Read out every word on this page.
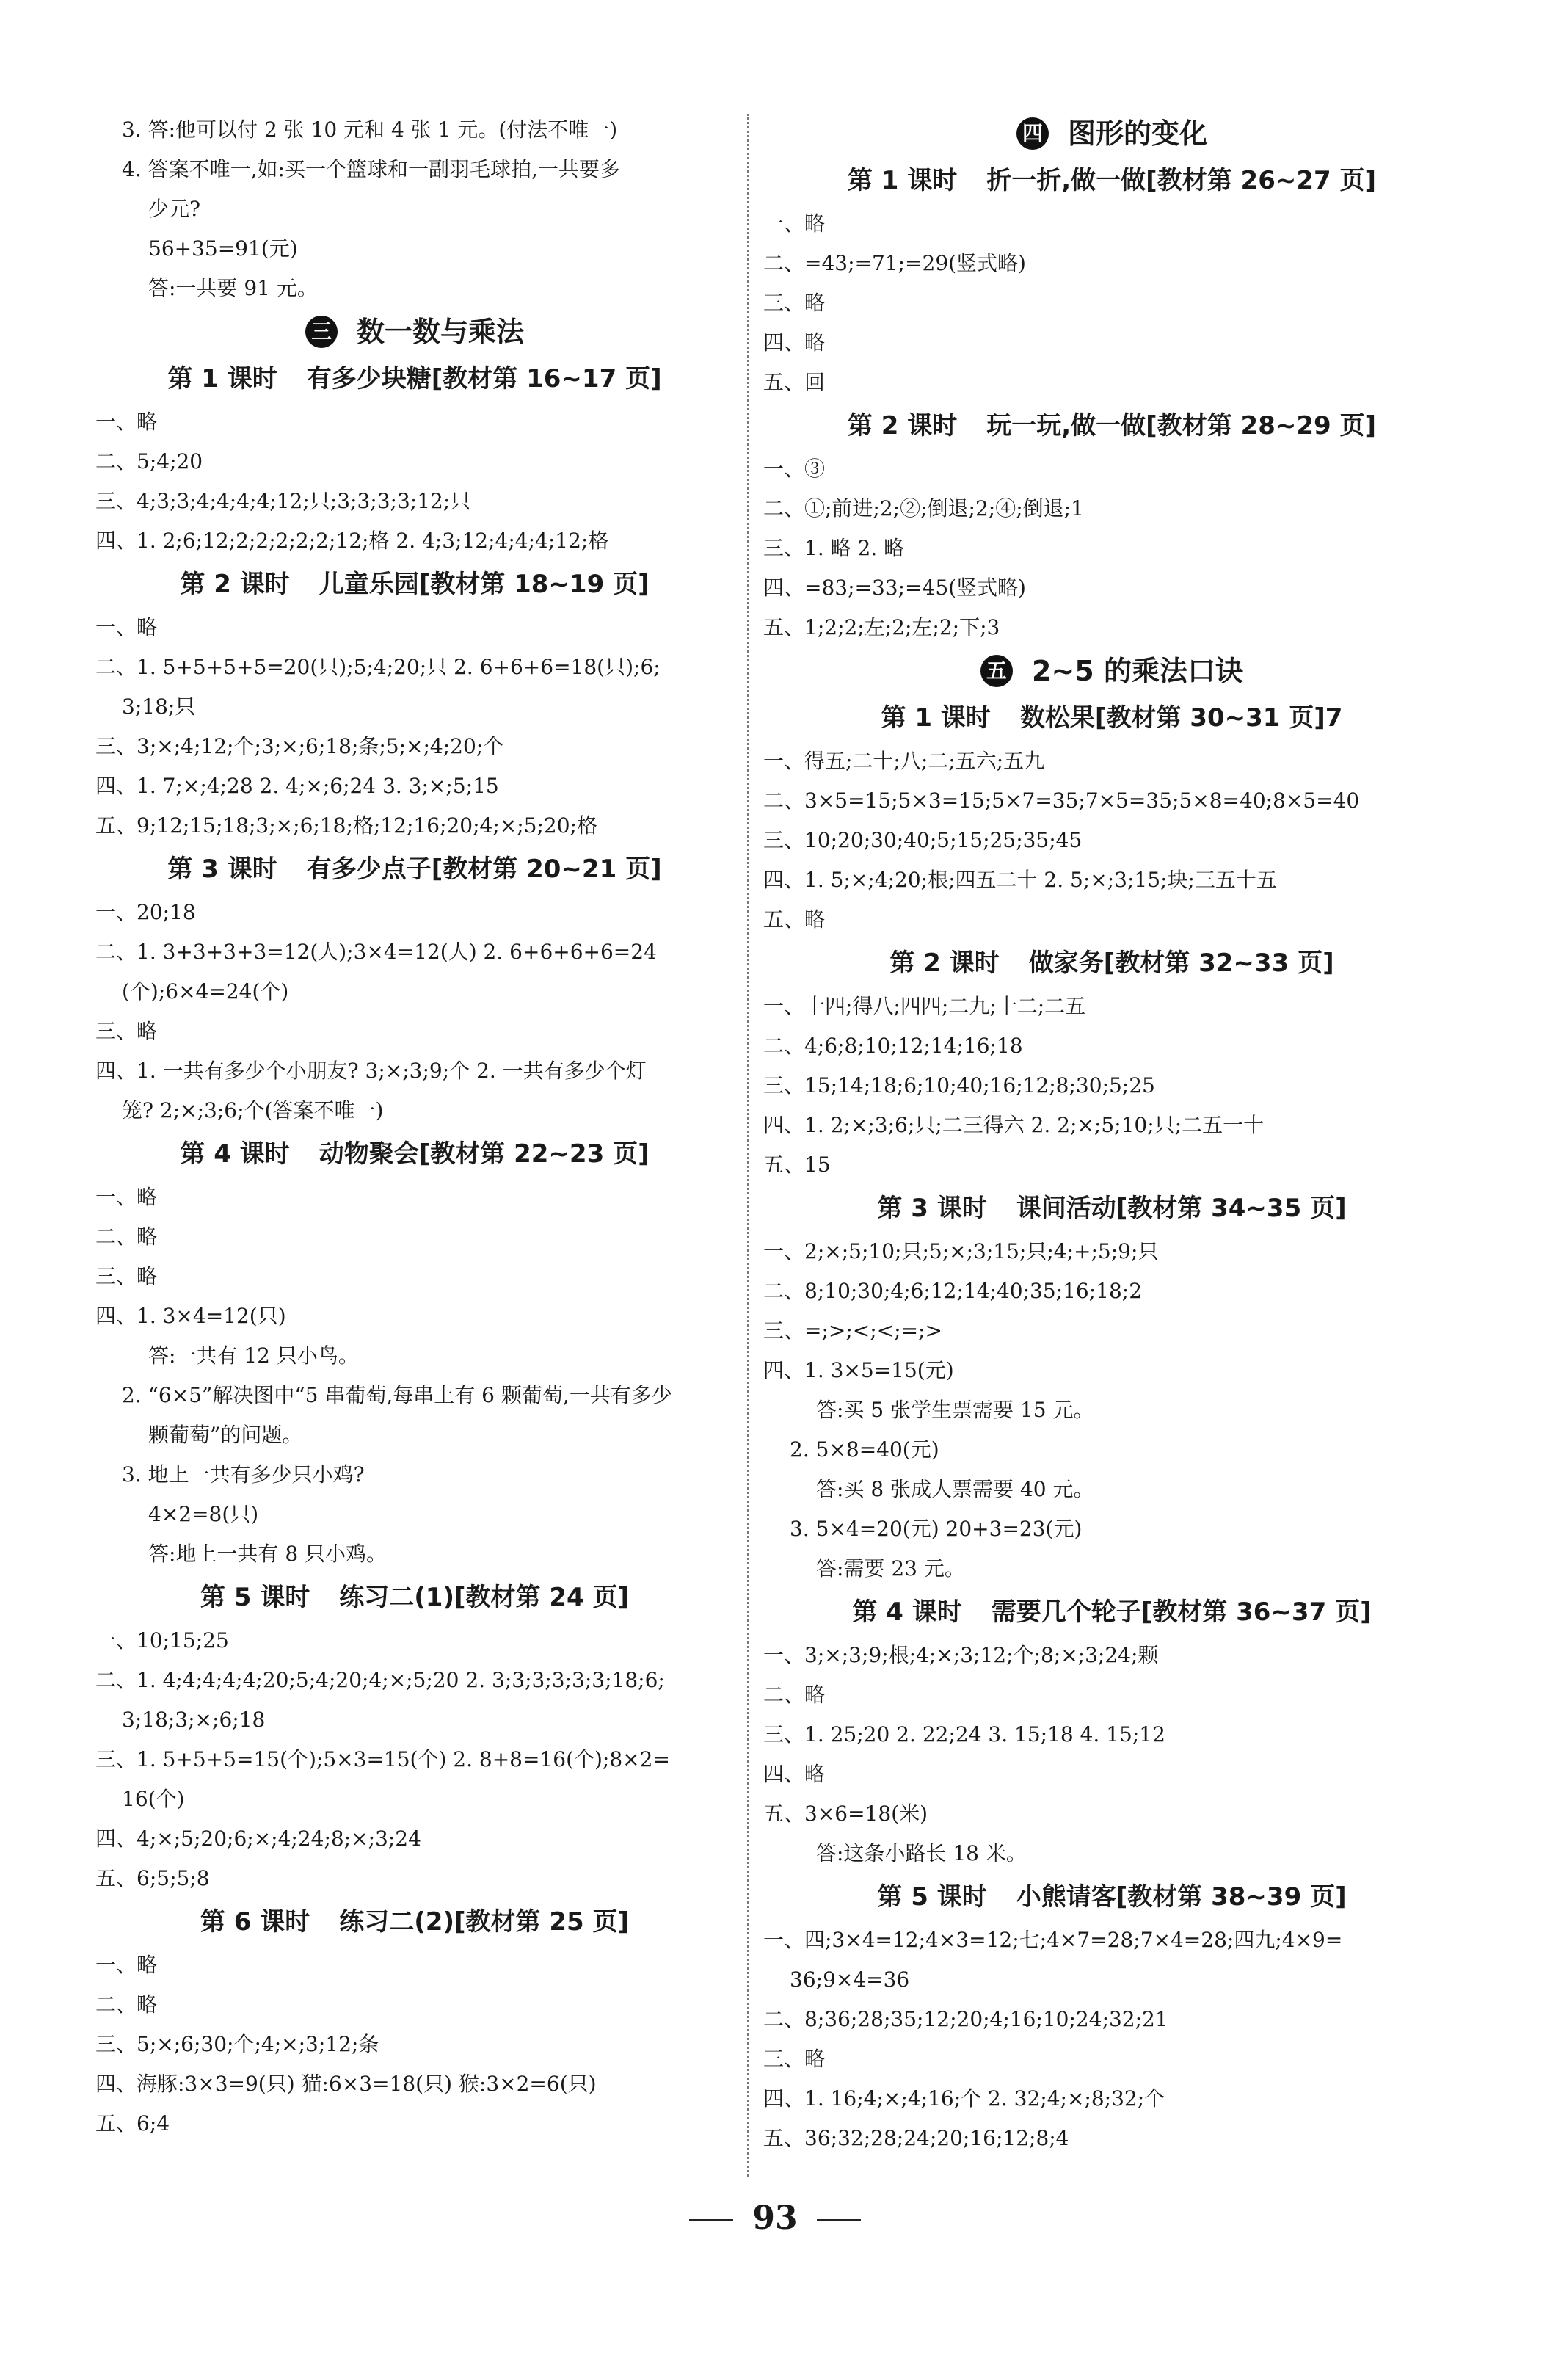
3. 答:他可以付 2 张 10 元和 4 张 1 元。(付法不唯一)
4. 答案不唯一,如:买一个篮球和一副羽毛球拍,一共要多
少元?
56+35=91(元)
答:一共要 91 元。
三 数一数与乘法
第 1 课时 有多少块糖[教材第 16~17 页]
一、略
二、5;4;20
三、4;3;3;4;4;4;4;12;只;3;3;3;3;12;只
四、1. 2;6;12;2;2;2;2;2;12;格 2. 4;3;12;4;4;4;12;格
第 2 课时 儿童乐园[教材第 18~19 页]
一、略
二、1. 5+5+5+5=20(只);5;4;20;只 2. 6+6+6=18(只);6;
3;18;只
三、3;×;4;12;个;3;×;6;18;条;5;×;4;20;个
四、1. 7;×;4;28 2. 4;×;6;24 3. 3;×;5;15
五、9;12;15;18;3;×;6;18;格;12;16;20;4;×;5;20;格
第 3 课时 有多少点子[教材第 20~21 页]
一、20;18
二、1. 3+3+3+3=12(人);3×4=12(人) 2. 6+6+6+6=24
(个);6×4=24(个)
三、略
四、1. 一共有多少个小朋友? 3;×;3;9;个 2. 一共有多少个灯
笼? 2;×;3;6;个(答案不唯一)
第 4 课时 动物聚会[教材第 22~23 页]
一、略
二、略
三、略
四、1. 3×4=12(只)
答:一共有 12 只小鸟。
2. “6×5”解决图中“5 串葡萄,每串上有 6 颗葡萄,一共有多少
颗葡萄”的问题。
3. 地上一共有多少只小鸡?
4×2=8(只)
答:地上一共有 8 只小鸡。
第 5 课时 练习二(1)[教材第 24 页]
一、10;15;25
二、1. 4;4;4;4;4;20;5;4;20;4;×;5;20 2. 3;3;3;3;3;3;18;6;
3;18;3;×;6;18
三、1. 5+5+5=15(个);5×3=15(个) 2. 8+8=16(个);8×2=
16(个)
四、4;×;5;20;6;×;4;24;8;×;3;24
五、6;5;5;8
第 6 课时 练习二(2)[教材第 25 页]
一、略
二、略
三、5;×;6;30;个;4;×;3;12;条
四、海豚:3×3=9(只) 猫:6×3=18(只) 猴:3×2=6(只)
五、6;4
四 图形的变化
第 1 课时 折一折,做一做[教材第 26~27 页]
一、略
二、=43;=71;=29(竖式略)
三、略
四、略
五、回
第 2 课时 玩一玩,做一做[教材第 28~29 页]
一、③
二、①;前进;2;②;倒退;2;④;倒退;1
三、1. 略 2. 略
四、=83;=33;=45(竖式略)
五、1;2;2;左;2;左;2;下;3
五 2~5 的乘法口诀
第 1 课时 数松果[教材第 30~31 页]7
一、得五;二十;八;二;五六;五九
二、3×5=15;5×3=15;5×7=35;7×5=35;5×8=40;8×5=40
三、10;20;30;40;5;15;25;35;45
四、1. 5;×;4;20;根;四五二十 2. 5;×;3;15;块;三五十五
五、略
第 2 课时 做家务[教材第 32~33 页]
一、十四;得八;四四;二九;十二;二五
二、4;6;8;10;12;14;16;18
三、15;14;18;6;10;40;16;12;8;30;5;25
四、1. 2;×;3;6;只;二三得六 2. 2;×;5;10;只;二五一十
五、15
第 3 课时 课间活动[教材第 34~35 页]
一、2;×;5;10;只;5;×;3;15;只;4;+;5;9;只
二、8;10;30;4;6;12;14;40;35;16;18;2
三、=;>;<;<;=;>
四、1. 3×5=15(元)
答:买 5 张学生票需要 15 元。
2. 5×8=40(元)
答:买 8 张成人票需要 40 元。
3. 5×4=20(元) 20+3=23(元)
答:需要 23 元。
第 4 课时 需要几个轮子[教材第 36~37 页]
一、3;×;3;9;根;4;×;3;12;个;8;×;3;24;颗
二、略
三、1. 25;20 2. 22;24 3. 15;18 4. 15;12
四、略
五、3×6=18(米)
答:这条小路长 18 米。
第 5 课时 小熊请客[教材第 38~39 页]
一、四;3×4=12;4×3=12;七;4×7=28;7×4=28;四九;4×9=
36;9×4=36
二、8;36;28;35;12;20;4;16;10;24;32;21
三、略
四、1. 16;4;×;4;16;个 2. 32;4;×;8;32;个
五、36;32;28;24;20;16;12;8;4
93
